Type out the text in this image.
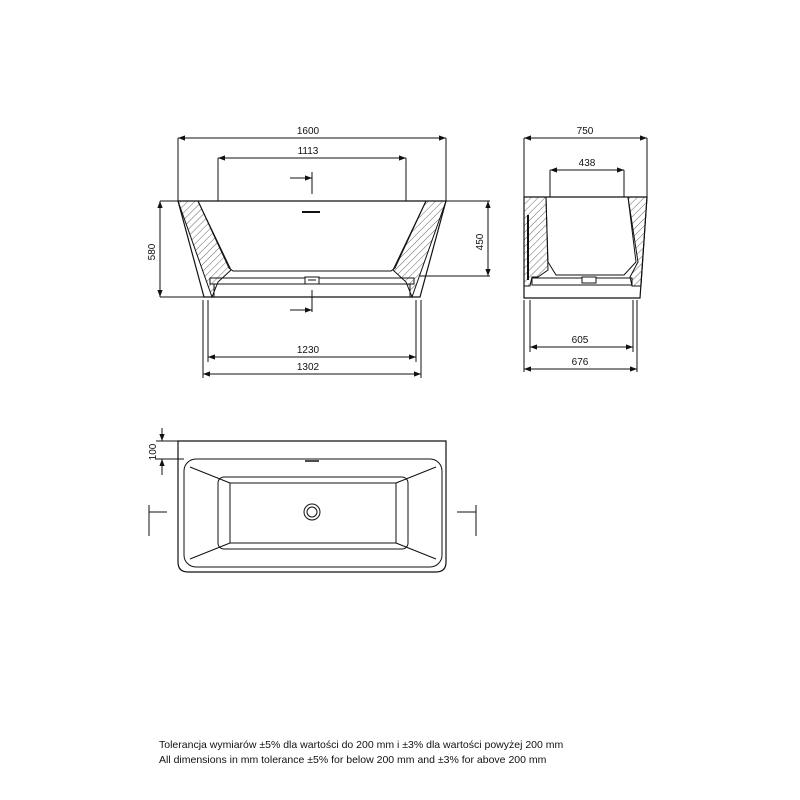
1600
1113
580
450
1230
1302
750
438
605
676
100
Tolerancja wymiarów ±5% dla wartości do 200 mm i ±3% dla wartości powyżej 200 mm
All dimensions in mm tolerance ±5% for below 200 mm and ±3% for above 200 mm
